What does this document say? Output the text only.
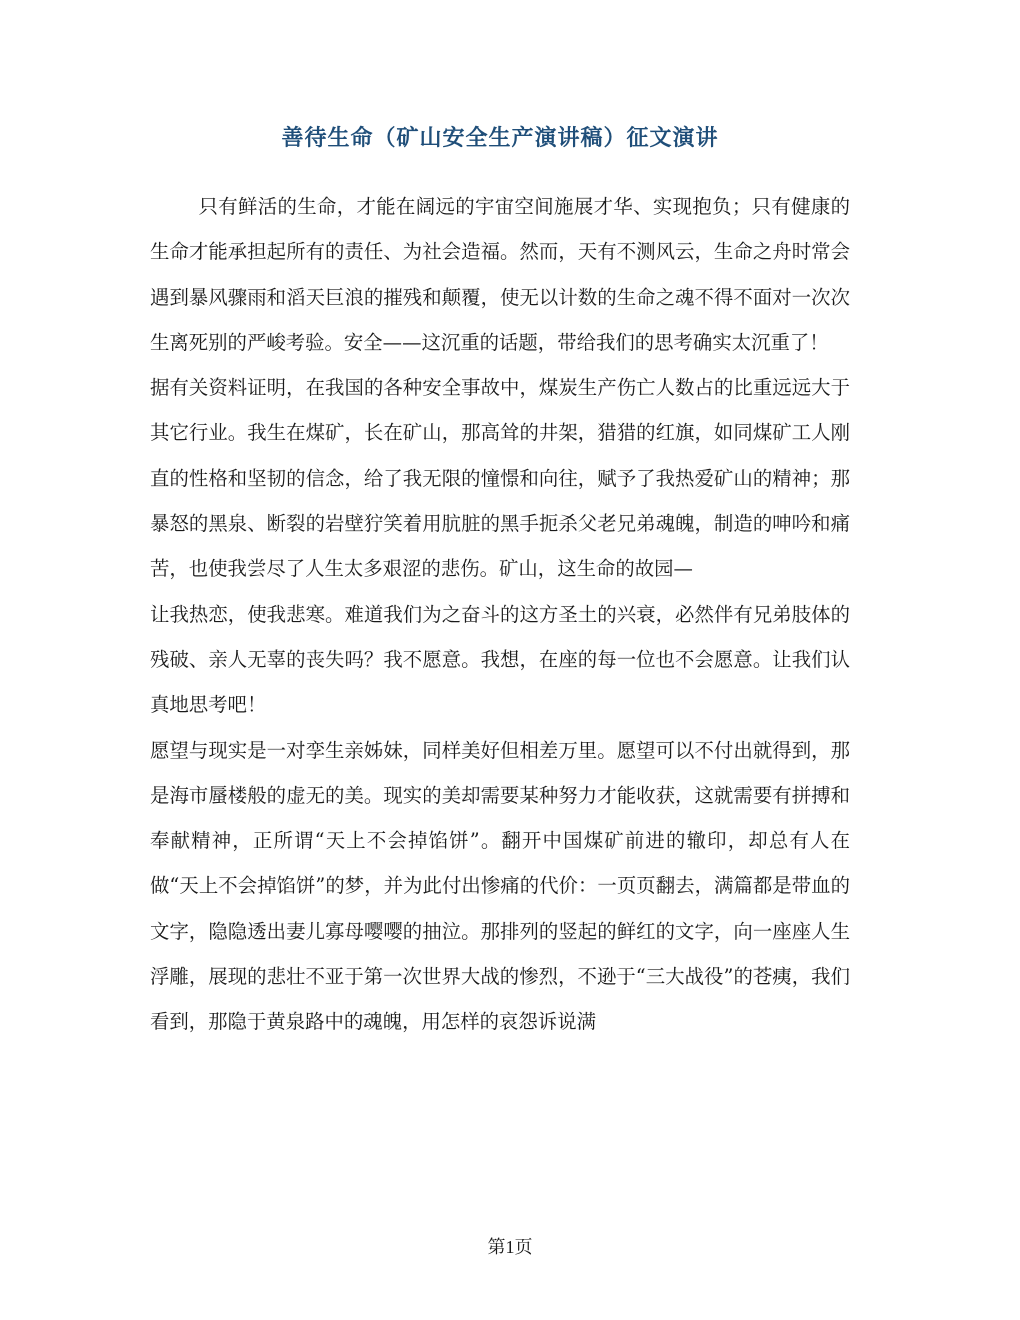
善待生命（矿山安全生产演讲稿）征文演讲

只有鲜活的生命，才能在阔远的宇宙空间施展才华、实现抱负；只有健康的生命才能承担起所有的责任、为社会造福。然而，天有不测风云，生命之舟时常会遇到暴风骤雨和滔天巨浪的摧残和颠覆，使无以计数的生命之魂不得不面对一次次生离死别的严峻考验。安全——这沉重的话题，带给我们的思考确实太沉重了！

据有关资料证明，在我国的各种安全事故中，煤炭生产伤亡人数占的比重远远大于其它行业。我生在煤矿，长在矿山，那高耸的井架，猎猎的红旗，如同煤矿工人刚直的性格和坚韧的信念，给了我无限的憧憬和向往，赋予了我热爱矿山的精神；那暴怒的黑泉、断裂的岩壁狞笑着用肮脏的黑手扼杀父老兄弟魂魄，制造的呻吟和痛苦，也使我尝尽了人生太多艰涩的悲伤。矿山，这生命的故园—

让我热恋，使我悲寒。难道我们为之奋斗的这方圣土的兴衰，必然伴有兄弟肢体的残破、亲人无辜的丧失吗？我不愿意。我想，在座的每一位也不会愿意。让我们认真地思考吧！

愿望与现实是一对孪生亲姊妹，同样美好但相差万里。愿望可以不付出就得到，那是海市蜃楼般的虚无的美。现实的美却需要某种努力才能收获，这就需要有拼搏和奉献精神，正所谓“天上不会掉馅饼”。翻开中国煤矿前进的辙印，却总有人在做“天上不会掉馅饼”的梦，并为此付出惨痛的代价：一页页翻去，满篇都是带血的文字，隐隐透出妻儿寡母嘤嘤的抽泣。那排列的竖起的鲜红的文字，向一座座人生浮雕，展现的悲壮不亚于第一次世界大战的惨烈，不逊于“三大战役”的苍痍，我们看到，那隐于黄泉路中的魂魄，用怎样的哀怨诉说满

第1页
